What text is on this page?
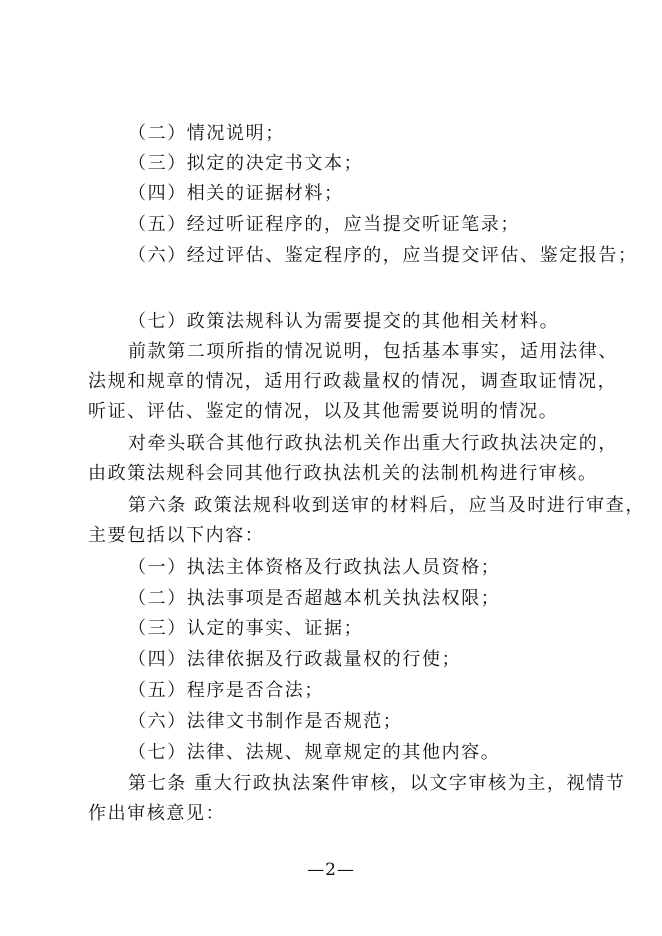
（二）情况说明；
（三）拟定的决定书文本；
（四）相关的证据材料；
（五）经过听证程序的，应当提交听证笔录；
（六）经过评估、鉴定程序的，应当提交评估、鉴定报告；
（七）政策法规科认为需要提交的其他相关材料。
前款第二项所指的情况说明，包括基本事实，适用法律、
法规和规章的情况，适用行政裁量权的情况，调查取证情况，
听证、评估、鉴定的情况，以及其他需要说明的情况。
对牵头联合其他行政执法机关作出重大行政执法决定的，
由政策法规科会同其他行政执法机关的法制机构进行审核。
第六条 政策法规科收到送审的材料后，应当及时进行审查，
主要包括以下内容：
（一）执法主体资格及行政执法人员资格；
（二）执法事项是否超越本机关执法权限；
（三）认定的事实、证据；
（四）法律依据及行政裁量权的行使；
（五）程序是否合法；
（六）法律文书制作是否规范；
（七）法律、法规、规章规定的其他内容。
第七条 重大行政执法案件审核，以文字审核为主，视情节
作出审核意见：
—2—
